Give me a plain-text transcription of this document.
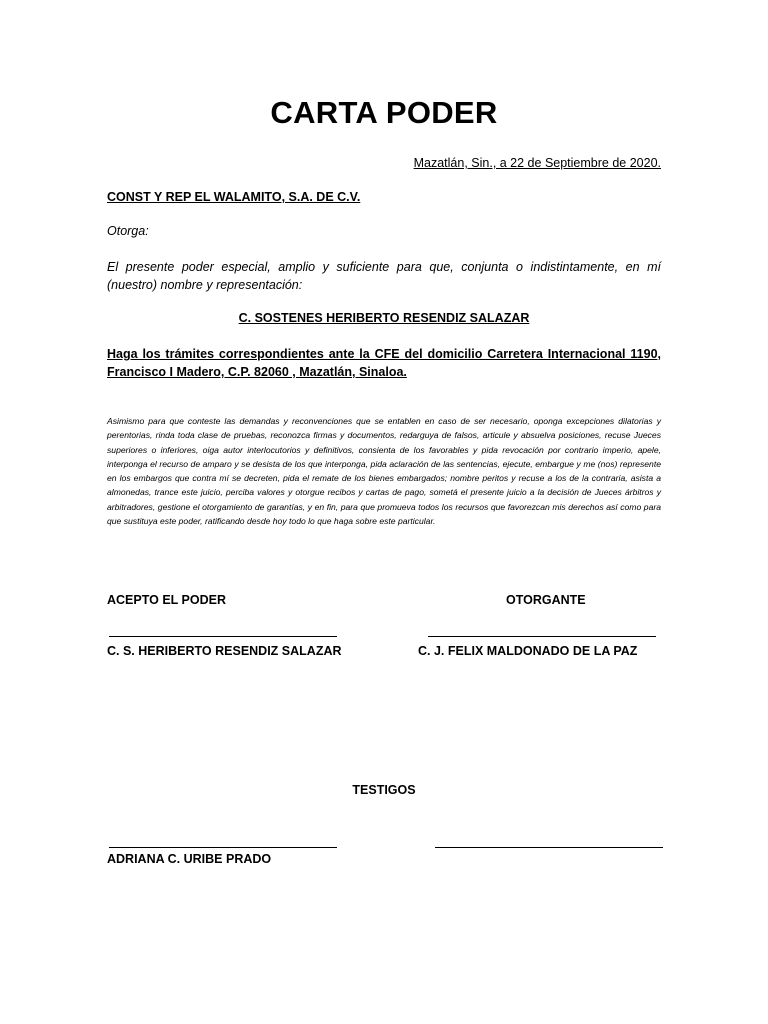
CARTA PODER
Mazatlán, Sin., a 22 de Septiembre de 2020.
CONST Y REP EL WALAMITO, S.A. DE C.V.
Otorga:
El presente poder especial, amplio y suficiente para que, conjunta o indistintamente, en mí (nuestro) nombre y representación:
C. SOSTENES HERIBERTO RESENDIZ SALAZAR
Haga los trámites correspondientes ante la CFE del domicilio Carretera Internacional 1190, Francisco I Madero, C.P. 82060 , Mazatlán, Sinaloa.
Asimismo para que conteste las demandas y reconvenciones que se entablen en caso de ser necesario, oponga excepciones dilatorias y perentorias, rinda toda clase de pruebas, reconozca firmas y documentos, redarguya de falsos, articule y absuelva posiciones, recuse Jueces superiores o inferiores, oiga autor interlocutorios y definitivos, consienta de los favorables y pida revocación por contrario imperio, apele, interponga el recurso de amparo y se desista de los que interponga, pida aclaración de las sentencias, ejecute, embargue y me (nos) represente en los embargos que contra mí se decreten, pida el remate de los bienes embargados; nombre peritos y recuse a los de la contraria, asista a almonedas, trance este juicio, perciba valores y otorgue recibos y cartas de pago, sometá el presente juicio a la decisión de Jueces árbitros y arbitradores, gestione el otorgamiento de garantías, y en fin, para que promueva todos los recursos que favorezcan mis derechos así como para que sustituya este poder, ratificando desde hoy todo lo que haga sobre este particular.
ACEPTO EL PODER	OTORGANTE
C. S. HERIBERTO RESENDIZ SALAZAR	C. J. FELIX MALDONADO DE LA PAZ
TESTIGOS
ADRIANA C. URIBE PRADO
